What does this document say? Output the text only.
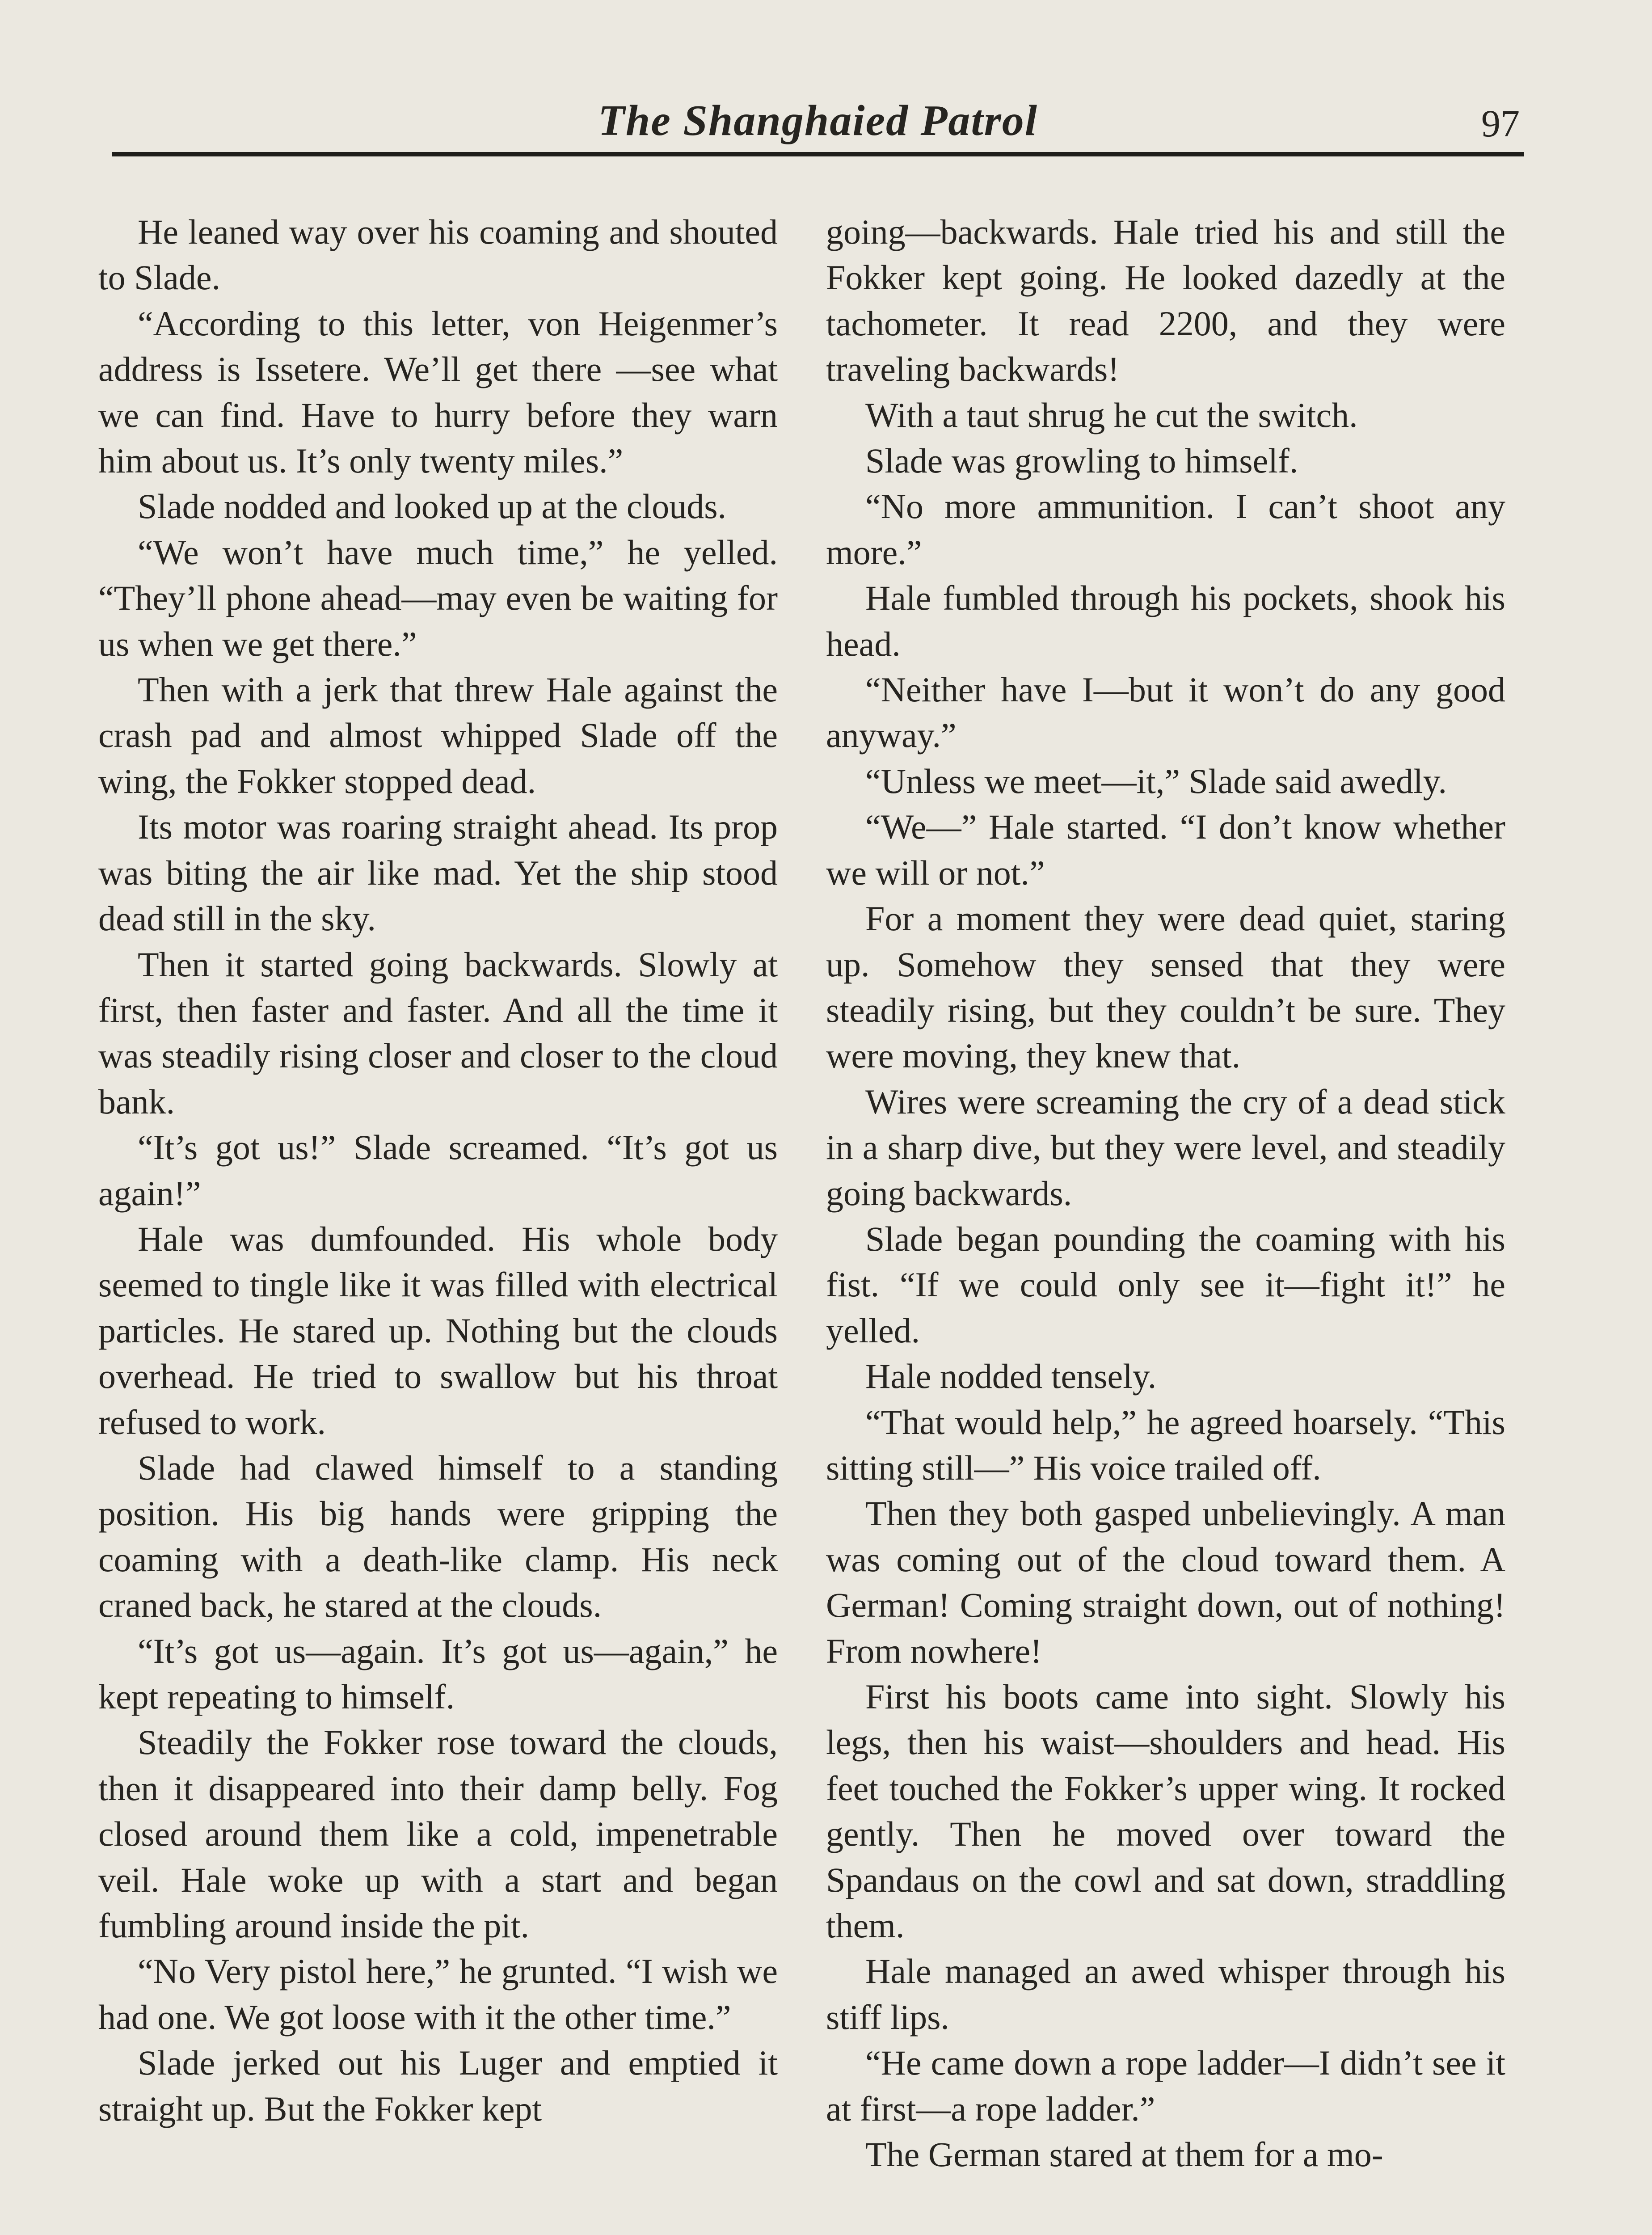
The Shanghaied Patrol	97

He leaned way over his coaming and shouted to Slade.

“According to this letter, von Heigenmer’s address is Issetere. We’ll get there —see what we can find. Have to hurry before they warn him about us. It’s only twenty miles.”

Slade nodded and looked up at the clouds.

“We won’t have much time,” he yelled. “They’ll phone ahead—may even be waiting for us when we get there.”

Then with a jerk that threw Hale against the crash pad and almost whipped Slade off the wing, the Fokker stopped dead.

Its motor was roaring straight ahead. Its prop was biting the air like mad. Yet the ship stood dead still in the sky.

Then it started going backwards. Slowly at first, then faster and faster. And all the time it was steadily rising closer and closer to the cloud bank.

“It’s got us!” Slade screamed. “It’s got us again!”

Hale was dumfounded. His whole body seemed to tingle like it was filled with electrical particles. He stared up. Nothing but the clouds overhead. He tried to swallow but his throat refused to work.

Slade had clawed himself to a standing position. His big hands were gripping the coaming with a death-like clamp. His neck craned back, he stared at the clouds.

“It’s got us—again. It’s got us—again,” he kept repeating to himself.

Steadily the Fokker rose toward the clouds, then it disappeared into their damp belly. Fog closed around them like a cold, impenetrable veil. Hale woke up with a start and began fumbling around inside the pit.

“No Very pistol here,” he grunted. “I wish we had one. We got loose with it the other time.”

Slade jerked out his Luger and emptied it straight up. But the Fokker kept

going—backwards. Hale tried his and still the Fokker kept going. He looked dazedly at the tachometer. It read 2200, and they were traveling backwards!

With a taut shrug he cut the switch.

Slade was growling to himself.

“No more ammunition. I can’t shoot any more.”

Hale fumbled through his pockets, shook his head.

“Neither have I—but it won’t do any good anyway.”

“Unless we meet—it,” Slade said awedly.

“We—” Hale started. “I don’t know whether we will or not.”

For a moment they were dead quiet, staring up. Somehow they sensed that they were steadily rising, but they couldn’t be sure. They were moving, they knew that.

Wires were screaming the cry of a dead stick in a sharp dive, but they were level, and steadily going backwards.

Slade began pounding the coaming with his fist. “If we could only see it—fight it!” he yelled.

Hale nodded tensely.

“That would help,” he agreed hoarsely. “This sitting still—” His voice trailed off.

Then they both gasped unbelievingly. A man was coming out of the cloud toward them. A German! Coming straight down, out of nothing! From nowhere!

First his boots came into sight. Slowly his legs, then his waist—shoulders and head. His feet touched the Fokker’s upper wing. It rocked gently. Then he moved over toward the Spandaus on the cowl and sat down, straddling them.

Hale managed an awed whisper through his stiff lips.

“He came down a rope ladder—I didn’t see it at first—a rope ladder.”

The German stared at them for a mo-
